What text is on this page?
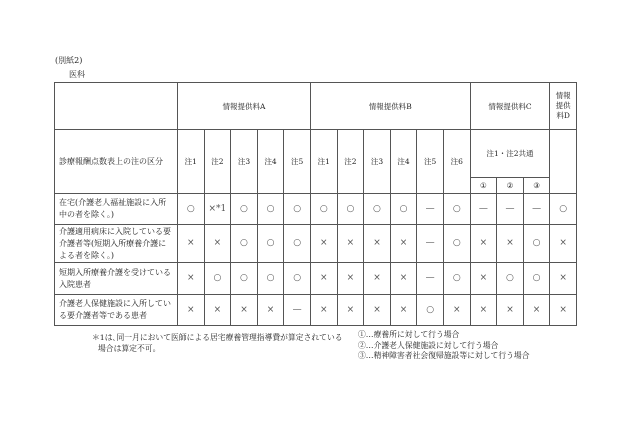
(別紙2)
医科
	情報提供料A					情報提供料B						情報提供料C			情報提供料D
診療報酬点数表上の注の区分	注1	注2	注3	注4	注5	注1	注2	注3	注4	注5	注6	注1・注2共通			
												①	②	③	
在宅(介護老人福祉施設に入所中の者を除く。)	○	×*1	○	○	○	○	○	○	○	—	○	—	—	—	○
介護適用病床に入院している要介護者等(短期入所療養介護による者を除く。)	×	×	○	○	○	×	×	×	×	—	○	×	×	○	×
短期入所療養介護を受けている入院患者	×	○	○	○	○	×	×	×	×	—	○	×	○	○	×
介護老人保健施設に入所している要介護者等である患者	×	×	×	×	—	×	×	×	×	○	×	×	×	×	×
＊1は､同一月において医師による居宅療養管理指導費が算定されている場合は算定不可。
①…療養所に対して行う場合
②…介護老人保健施設に対して行う場合
③…精神障害者社会復帰施設等に対して行う場合
